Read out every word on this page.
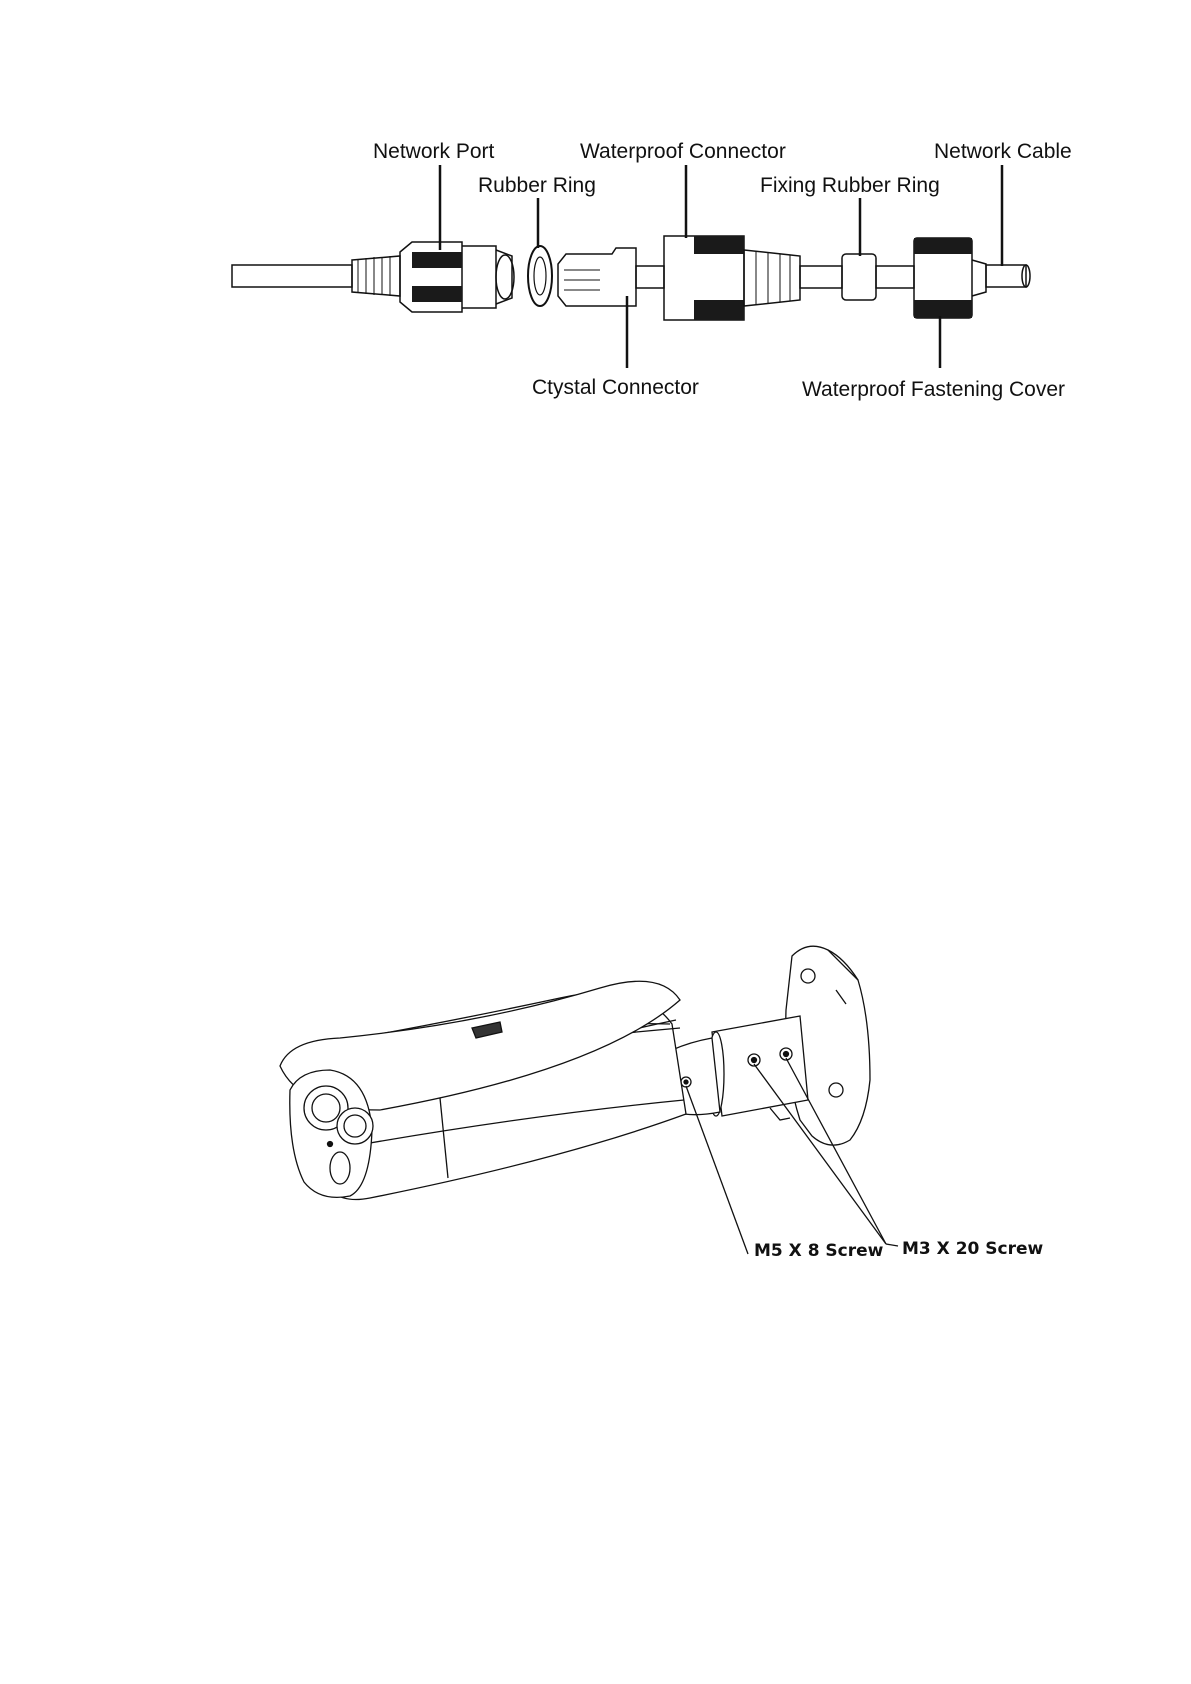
Network Port
Rubber Ring
Waterproof Connector
Fixing Rubber Ring
Network Cable
Ctystal Connector	Waterproof Fastening Cover
M5 X 8 Screw M3 X 20 Screw
